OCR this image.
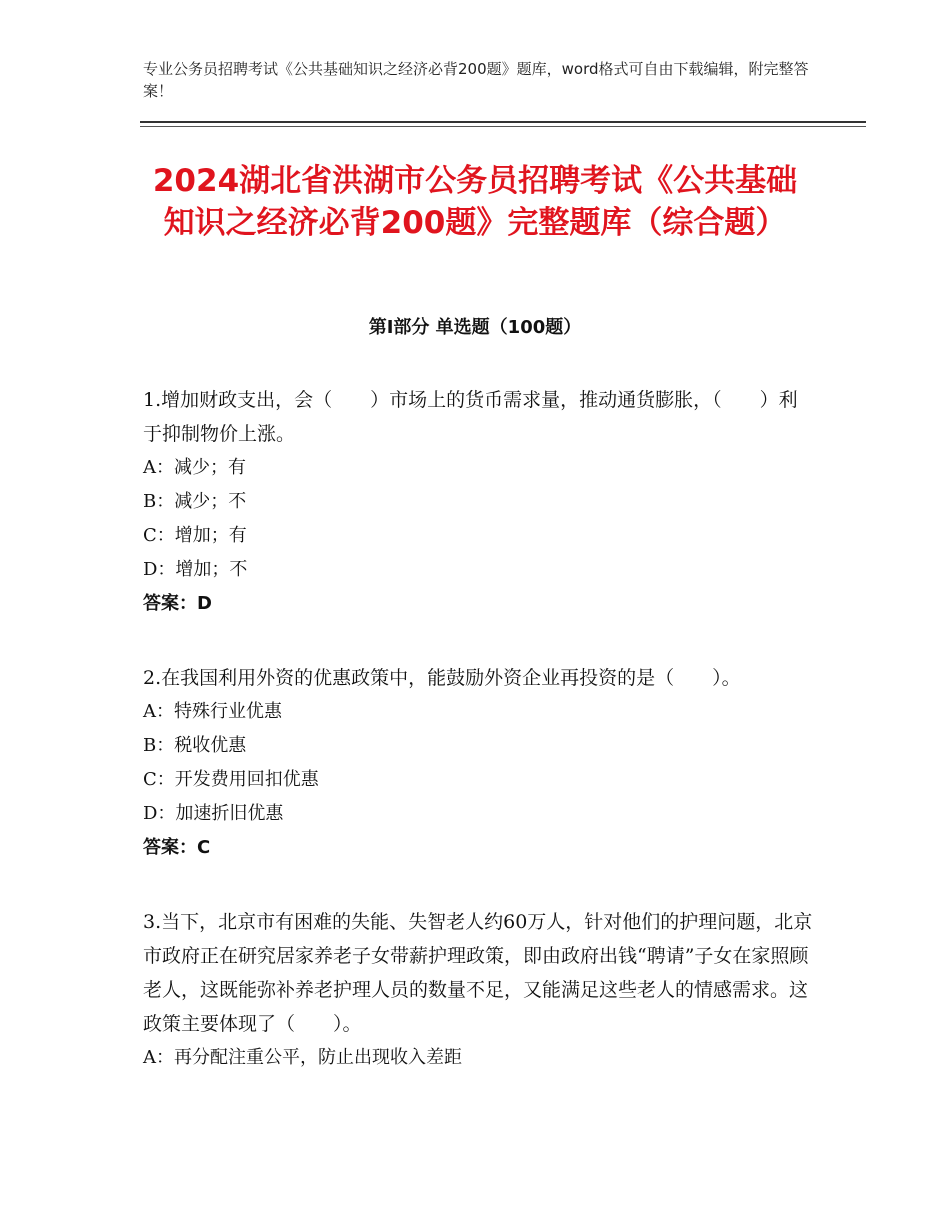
专业公务员招聘考试《公共基础知识之经济必背200题》题库，word格式可自由下载编辑，附完整答案！
2024湖北省洪湖市公务员招聘考试《公共基础知识之经济必背200题》完整题库（综合题）
第I部分 单选题（100题）

1.增加财政支出，会（　　）市场上的货币需求量，推动通货膨胀，（　　）利于抑制物价上涨。

A：减少；有

B：减少；不

C：增加；有

D：增加；不

答案：D

2.在我国利用外资的优惠政策中，能鼓励外资企业再投资的是（　　）。

A：特殊行业优惠

B：税收优惠

C：开发费用回扣优惠

D：加速折旧优惠

答案：C

3.当下，北京市有困难的失能、失智老人约60万人，针对他们的护理问题，北京市政府正在研究居家养老子女带薪护理政策，即由政府出钱“聘请”子女在家照顾老人，这既能弥补养老护理人员的数量不足，又能满足这些老人的情感需求。这政策主要体现了（　　）。

A：再分配注重公平，防止出现收入差距
